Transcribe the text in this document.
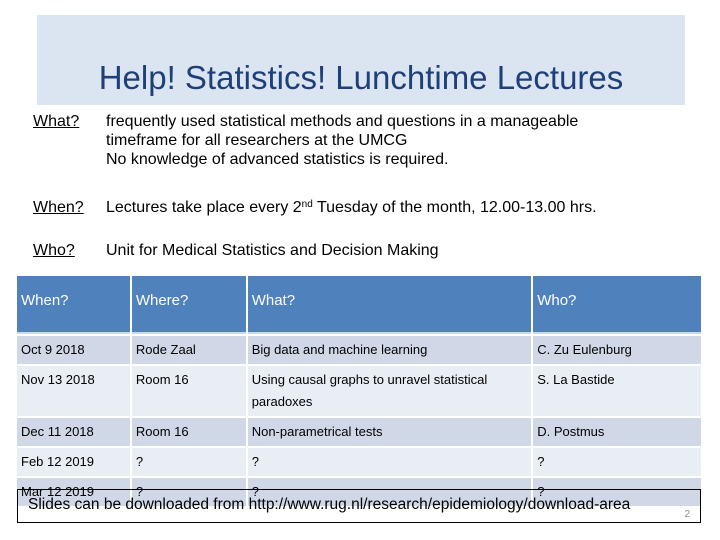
Help! Statistics! Lunchtime Lectures
What? frequently used statistical methods and questions in a manageable
timeframe for all researchers at the UMCG
No knowledge of advanced statistics is required.
When? Lectures take place every 2nd Tuesday of the month, 12.00-13.00 hrs.
Who? Unit for Medical Statistics and Decision Making
When?	Where?	What?	Who?

Oct 9 2018	Rode Zaal	Big data and machine learning	C. Zu Eulenburg
Nov 13 2018	Room 16	Using causal graphs to unravel statistical paradoxes	S. La Bastide
Dec 11 2018	Room 16	Non-parametrical tests	D. Postmus
Feb 12 2019	?	?	?
Mar 12 2019	?	?	?
Slides can be downloaded from http://www.rug.nl/research/epidemiology/download-area
2
